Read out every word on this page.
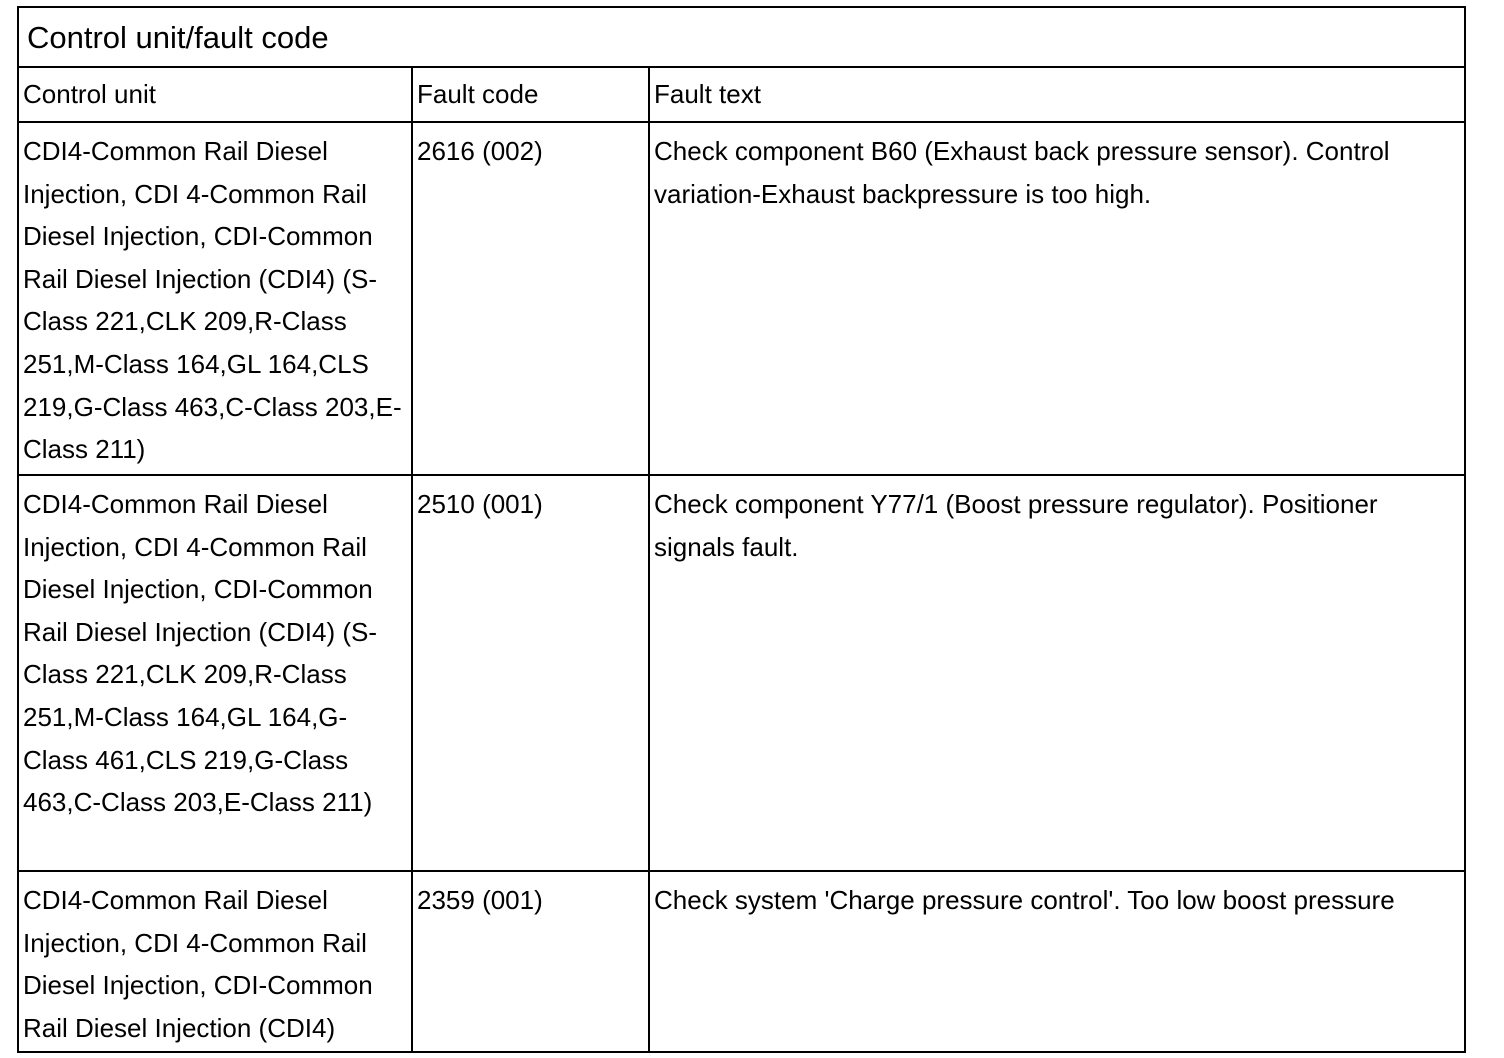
Control unit/fault code
Control unit	Fault code	Fault text
CDI4-Common Rail Diesel Injection, CDI 4-Common Rail Diesel Injection, CDI-Common Rail Diesel Injection (CDI4) (S-Class 221,CLK 209,R-Class 251,M-Class 164,GL 164,CLS 219,G-Class 463,C-Class 203,E-Class 211)	2616 (002)	Check component B60 (Exhaust back pressure sensor). Control variation-Exhaust backpressure is too high.
CDI4-Common Rail Diesel Injection, CDI 4-Common Rail Diesel Injection, CDI-Common Rail Diesel Injection (CDI4) (S-Class 221,CLK 209,R-Class 251,M-Class 164,GL 164,G-Class 461,CLS 219,G-Class 463,C-Class 203,E-Class 211)	2510 (001)	Check component Y77/1 (Boost pressure regulator). Positioner signals fault.
CDI4-Common Rail Diesel Injection, CDI 4-Common Rail Diesel Injection, CDI-Common Rail Diesel Injection (CDI4)	2359 (001)	Check system 'Charge pressure control'. Too low boost pressure
